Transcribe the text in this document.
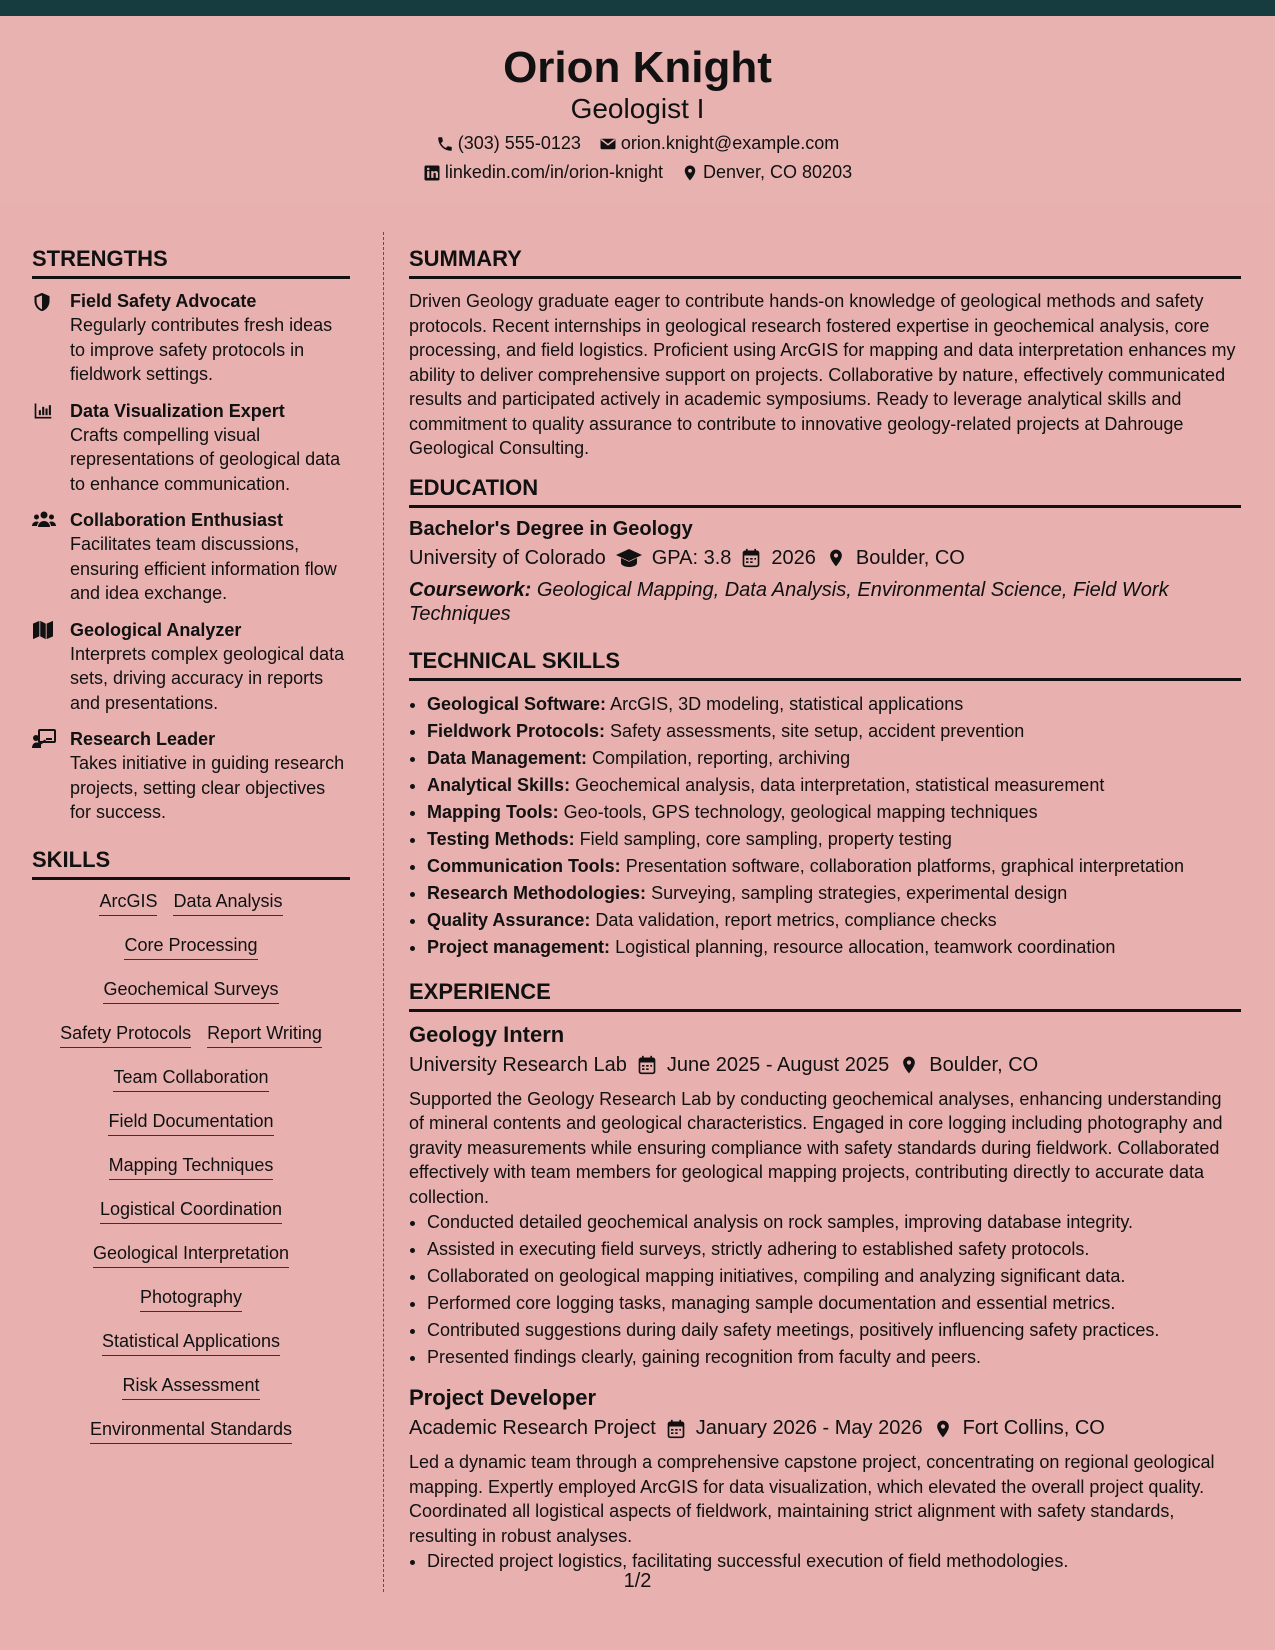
Orion Knight
Geologist I
(303) 555-0123 orion.knight@example.com
linkedin.com/in/orion-knight Denver, CO 80203
STRENGTHS
Field Safety Advocate
Regularly contributes fresh ideas to improve safety protocols in fieldwork settings.
Data Visualization Expert
Crafts compelling visual representations of geological data to enhance communication.
Collaboration Enthusiast
Facilitates team discussions, ensuring efficient information flow and idea exchange.
Geological Analyzer
Interprets complex geological data sets, driving accuracy in reports and presentations.
Research Leader
Takes initiative in guiding research projects, setting clear objectives for success.
SKILLS
ArcGIS Data Analysis
Core Processing
Geochemical Surveys
Safety Protocols Report Writing
Team Collaboration
Field Documentation
Mapping Techniques
Logistical Coordination
Geological Interpretation
Photography
Statistical Applications
Risk Assessment
Environmental Standards
SUMMARY

Driven Geology graduate eager to contribute hands-on knowledge of geological methods and safety protocols. Recent internships in geological research fostered expertise in geochemical analysis, core processing, and field logistics. Proficient using ArcGIS for mapping and data interpretation enhances my ability to deliver comprehensive support on projects. Collaborative by nature, effectively communicated results and participated actively in academic symposiums. Ready to leverage analytical skills and commitment to quality assurance to contribute to innovative geology-related projects at Dahrouge Geological Consulting.

EDUCATION
Bachelor's Degree in Geology
University of Colorado GPA: 3.8 2026 Boulder, CO
Coursework: Geological Mapping, Data Analysis, Environmental Science, Field Work Techniques
TECHNICAL SKILLS
• Geological Software: ArcGIS, 3D modeling, statistical applications
• Fieldwork Protocols: Safety assessments, site setup, accident prevention
• Data Management: Compilation, reporting, archiving
• Analytical Skills: Geochemical analysis, data interpretation, statistical measurement
• Mapping Tools: Geo-tools, GPS technology, geological mapping techniques
• Testing Methods: Field sampling, core sampling, property testing
• Communication Tools: Presentation software, collaboration platforms, graphical interpretation
• Research Methodologies: Surveying, sampling strategies, experimental design
• Quality Assurance: Data validation, report metrics, compliance checks
• Project management: Logistical planning, resource allocation, teamwork coordination
EXPERIENCE
Geology Intern
University Research Lab June 2025 - August 2025 Boulder, CO

Supported the Geology Research Lab by conducting geochemical analyses, enhancing understanding of mineral contents and geological characteristics. Engaged in core logging including photography and gravity measurements while ensuring compliance with safety standards during fieldwork. Collaborated effectively with team members for geological mapping projects, contributing directly to accurate data collection.

• Conducted detailed geochemical analysis on rock samples, improving database integrity.
• Assisted in executing field surveys, strictly adhering to established safety protocols.
• Collaborated on geological mapping initiatives, compiling and analyzing significant data.
• Performed core logging tasks, managing sample documentation and essential metrics.
• Contributed suggestions during daily safety meetings, positively influencing safety practices.
• Presented findings clearly, gaining recognition from faculty and peers.
Project Developer
Academic Research Project January 2026 - May 2026 Fort Collins, CO

Led a dynamic team through a comprehensive capstone project, concentrating on regional geological mapping. Expertly employed ArcGIS for data visualization, which elevated the overall project quality. Coordinated all logistical aspects of fieldwork, maintaining strict alignment with safety standards, resulting in robust analyses.

• Directed project logistics, facilitating successful execution of field methodologies.
1/2
